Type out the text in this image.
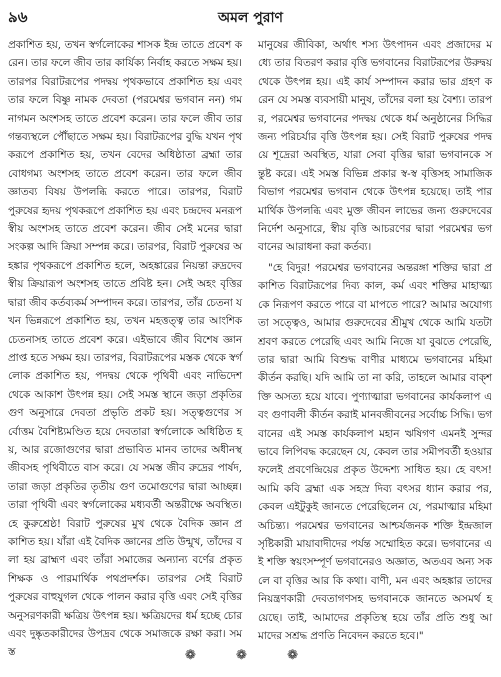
৯৬	অমল পুরাণ

প্রকাশিত হয়, তখন স্বর্গলোকের শাসক ইন্দ্র তাতে প্রবেশ করেন। তার ফলে জীব তার কার্যিক্য নির্বাহ করতে সক্ষম হয়। তারপর বিরাটরূপের পদদ্বয় পৃথকভাবে প্রকাশিত হয় এবং তার ফলে বিষ্ণু নামক দেবতা (পরমেশ্বর ভগবান নন) গমনাগমন অংশসহ তাতে প্রবেশ করেন। তার ফলে জীব তার গন্তব্যস্থলে পৌঁছাতে সক্ষম হয়। বিরাটরূপের বুদ্ধি যখন পৃথকরূপে প্রকাশিত হয়, তখন বেদের অধিষ্ঠাতা ব্রহ্মা তার বোধগম্য অংশসহ তাতে প্রবেশ করেন। তার ফলে জীব জ্ঞাতব্য বিষয় উপলব্ধি করতে পারে। তারপর, বিরাট পুরুষের হৃদয় পৃথকরূপে প্রকাশিত হয় এবং চন্দ্রদেব মনরূপ স্বীয় অংশসহ তাতে প্রবেশ করেন। জীব সেই মনের দ্বারা সংকল্প আদি ক্রিয়া সম্পন্ন করে। তারপর, বিরাট পুরুষের অহঙ্কার পৃথকরূপে প্রকাশিত হলে, অহঙ্কারের নিয়ন্তা রুদ্রদেব স্বীয় ক্রিয়ারূপ অংশসহ তাতে প্রবিষ্ট হন। সেই অহং বৃত্তির দ্বারা জীব কর্তব্যকর্ম সম্পাদন করে। তারপর, তাঁর চেতনা যখন ভিন্নরূপে প্রকাশিত হয়, তখন মহত্তত্ত্ব তার আংশিক চেতনাসহ তাতে প্রবেশ করে। এইভাবে জীব বিশেষ জ্ঞান প্রাপ্ত হতে সক্ষম হয়। তারপর, বিরাটরূপের মস্তক থেকে স্বর্গলোক প্রকাশিত হয়, পদদ্বয় থেকে পৃথিবী এবং নাভিদেশ থেকে আকাশ উৎপন্ন হয়। সেই সমস্ত স্থানে জড়া প্রকৃতির গুণ অনুসারে দেবতা প্রভৃতি প্রকট হয়। সত্ত্বগুণের সর্বোত্তম বৈশিষ্ট্যমণ্ডিত হয়ে দেবতারা স্বর্গলোকে অধিষ্ঠিত হয়, আর রজোগুণের দ্বারা প্রভাবিত মানব তাদের অধীনস্থ জীবসহ পৃথিবীতে বাস করে। যে সমস্ত জীব রুদ্রের পার্ষদ, তারা জড়া প্রকৃতির তৃতীয় গুণ তমোগুণের দ্বারা আচ্ছন্ন। তারা পৃথিবী এবং স্বর্গলোকের মধ্যবর্তী অন্তরীক্ষে অবস্থিত। হে কুরুশ্রেষ্ঠ! বিরাট পুরুষের মুখ থেকে বৈদিক জ্ঞান প্রকাশিত হয়। যাঁরা এই বৈদিক জ্ঞানের প্রতি উন্মুখ, তাঁদের বলা হয় ব্রাহ্মণ এবং তাঁরা সমাজের অন্যান্য বর্ণের প্রকৃত শিক্ষক ও পারমার্থিক পথপ্রদর্শক। তারপর সেই বিরাট পুরুষের বাহুযুগল থেকে পালন করার বৃত্তি এবং সেই বৃত্তির অনুসরণকারী ক্ষত্রিয় উৎপন্ন হয়। ক্ষত্রিয়দের ধর্ম হচ্ছে চোর এবং দুষ্কৃতকারীদের উপদ্রব থেকে সমাজকে রক্ষা করা। সমস্ত

মানুষের জীবিকা, অর্থাৎ শস্য উৎপাদন এবং প্রজাদের মধ্যে তার বিতরণ করার বৃত্তি ভগবানের বিরাটরূপের উরুদ্বয় থেকে উৎপন্ন হয়। এই কার্য সম্পাদন করার ভার গ্রহণ করেন যে সমস্ত ব্যবসায়ী মানুষ, তাঁদের বলা হয় বৈশ্য। তারপর, পরমেশ্বর ভগবানের পদদ্বয় থেকে ধর্ম অনুষ্ঠানের সিদ্ধির জন্য পরিচর্যার বৃত্তি উৎপন্ন হয়। সেই বিরাট পুরুষের পদদ্বয়ে শূদ্রেরা অবস্থিত, যারা সেবা বৃত্তির দ্বারা ভগবানকে সন্তুষ্ট করে। এই সমস্ত বিভিন্ন প্রকার স্ব-স্ব বৃত্তিসহ সামাজিক বিভাগ পরমেশ্বর ভগবান থেকে উৎপন্ন হয়েছে। তাই পারমার্থিক উপলব্ধি এবং মুক্ত জীবন লাভের জন্য গুরুদেবের নির্দেশ অনুসারে, স্বীয় বৃত্তি আচরণের দ্বারা পরমেশ্বর ভগবানের আরাধনা করা কর্তব্য।

"হে বিদুর! পরমেশ্বর ভগবানের অন্তরঙ্গা শক্তির দ্বারা প্রকাশিত বিরাটরূপের দিব্য কাল, কর্ম এবং শক্তির মাহাত্ম্য কে নিরূপণ করতে পারে বা মাপতে পারে? আমার অযোগ্যতা সত্ত্বেও, আমার গুরুদেবের শ্রীমুখ থেকে আমি যতটা শ্রবণ করতে পেরেছি এবং আমি নিজে যা বুঝতে পেরেছি, তার দ্বারা আমি বিশুদ্ধ বাণীর মাধ্যমে ভগবানের মহিমা কীর্তন করছি। যদি আমি তা না করি, তাহলে আমার বাক্শক্তি অসত্য হয়ে যাবে। পুণ্যাত্মারা ভগবানের কার্যকলাপ এবং গুণাবলী কীর্তন করাই মানবজীবনের সর্বোচ্চ সিদ্ধি। ভগবানের এই সমস্ত কার্যকলাপ মহান ঋষিগণ এমনই সুন্দরভাবে লিপিবদ্ধ করেছেন যে, কেবল তার সমীপবর্তী হওয়ার ফলেই প্রবণেন্দ্রিয়ের প্রকৃত উদ্দেশ্য সাধিত হয়। হে বৎস! আমি কবি ব্রহ্মা এক সহস্র দিব্য বৎসর ধ্যান করার পর, কেবল এইটুকুই জানতে পেরেছিলেন যে, পরমাত্মার মহিমা অচিন্ত্য। পরমেশ্বর ভগবানের আশ্চর্যজনক শক্তি ইন্দ্রজাল সৃষ্টিকারী মায়াবাদীদের পর্যন্ত সম্মোহিত করে। ভগবানের এই শক্তি স্বয়ংসম্পূর্ণ ভগবানেরও অজ্ঞাত, অতএব অন্য সকলে বা বৃত্তির আর কি কথা। বাণী, মন এবং অহঙ্কার তাদের নিয়ন্ত্রণকারী দেবতাগণসহ ভগবানকে জানতে অসমর্থ হয়েছে। তাই, আমাদের প্রকৃতিস্থ হয়ে তাঁর প্রতি শুধু আমাদের সশ্রদ্ধ প্রণতি নিবেদন করতে হবে।"

❁ ❁ ❁
